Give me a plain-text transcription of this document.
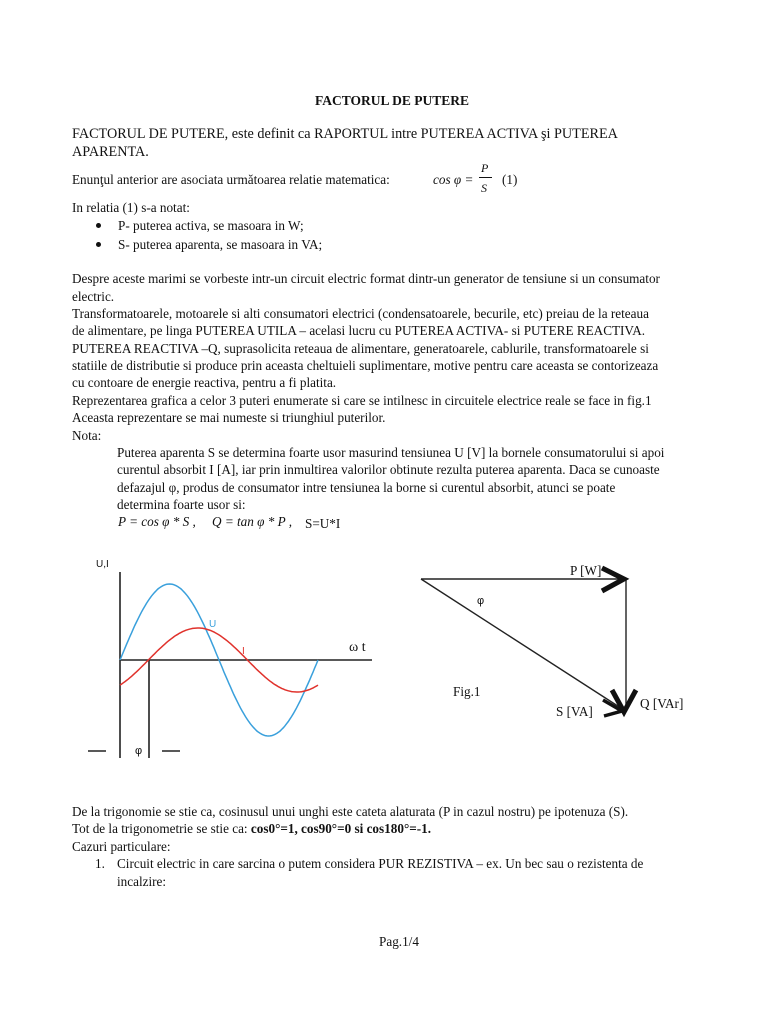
FACTORUL DE PUTERE
FACTORUL DE PUTERE, este definit ca RAPORTUL intre PUTEREA ACTIVA şi PUTEREA
APARENTA.
Enunţul anterior are asociata următoarea relatie matematica:	cos φ =
P
S
(1)
In relatia (1) s-a notat:
P- puterea activa, se masoara in W;
S- puterea aparenta, se masoara in VA;
Despre aceste marimi se vorbeste intr-un circuit electric format dintr-un generator de tensiune si un consumator
electric.
Transformatoarele, motoarele si alti consumatori electrici (condensatoarele, becurile, etc) preiau de la reteaua
de alimentare, pe linga PUTEREA UTILA – acelasi lucru cu PUTEREA ACTIVA- si PUTERE REACTIVA.
PUTEREA REACTIVA –Q, suprasolicita reteaua de alimentare, generatoarele, cablurile, transformatoarele si
statiile de distributie si produce prin aceasta cheltuieli suplimentare, motive pentru care aceasta se contorizeaza
cu contoare de energie reactiva, pentru a fi platita.
Reprezentarea grafica a celor 3 puteri enumerate si care se intilnesc in circuitele electrice reale se face in fig.1
Aceasta reprezentare se mai numeste si triunghiul puterilor.
Nota:
Puterea aparenta S se determina foarte usor masurind tensiunea U [V] la bornele consumatorului si apoi
curentul absorbit I [A], iar prin inmultirea valorilor obtinute rezulta puterea aparenta. Daca se cunoaste
defazajul φ, produs de consumator intre tensiunea la borne si curentul absorbit, atunci se poate
determina foarte usor si:
P = cos φ * S , Q = tan φ * P , S=U*I
U,I
ω t
U
I
φ
P [W]
Q [VAr]
S [VA]
φ
Fig.1
De la trigonomie se stie ca, cosinusul unui unghi este cateta alaturata (P in cazul nostru) pe ipotenuza (S).
Tot de la trigonometrie se stie ca: cos0°=1, cos90°=0 si cos180°=-1.
Cazuri particulare:
1. Circuit electric in care sarcina o putem considera PUR REZISTIVA – ex. Un bec sau o rezistenta de
incalzire:
Pag.1/4
